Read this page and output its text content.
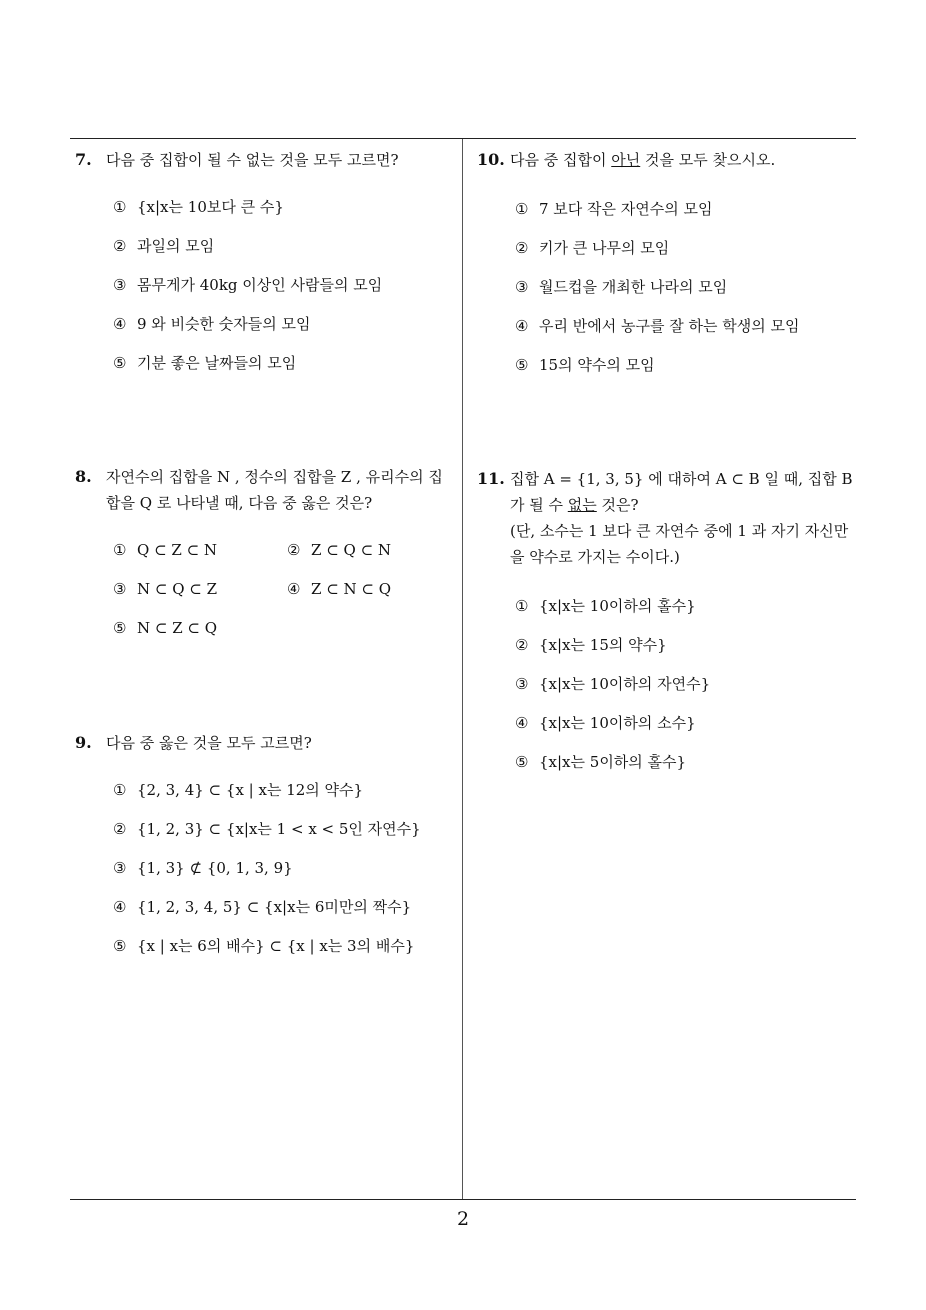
7. 다음 중 집합이 될 수 없는 것을 모두 고르면?
① {x|x는 10보다 큰 수}
② 과일의 모임
③ 몸무게가 40kg 이상인 사람들의 모임
④ 9 와 비슷한 숫자들의 모임
⑤ 기분 좋은 날짜들의 모임
8. 자연수의 집합을 N , 정수의 집합을 Z , 유리수의 집합을 Q 로 나타낼 때, 다음 중 옳은 것은?
① Q ⊂ Z ⊂ N	② Z ⊂ Q ⊂ N
③ N ⊂ Q ⊂ Z	④ Z ⊂ N ⊂ Q
⑤ N ⊂ Z ⊂ Q
9. 다음 중 옳은 것을 모두 고르면?
① {2, 3, 4} ⊂ {x | x는 12의 약수}
② {1, 2, 3} ⊂ {x|x는 1 < x < 5인 자연수}
③ {1, 3} ⊄ {0, 1, 3, 9}
④ {1, 2, 3, 4, 5} ⊂ {x|x는 6미만의 짝수}
⑤ {x | x는 6의 배수} ⊂ {x | x는 3의 배수}
10. 다음 중 집합이 아닌 것을 모두 찾으시오.
① 7 보다 작은 자연수의 모임
② 키가 큰 나무의 모임
③ 월드컵을 개최한 나라의 모임
④ 우리 반에서 농구를 잘 하는 학생의 모임
⑤ 15의 약수의 모임
11. 집합 A = {1, 3, 5} 에 대하여 A ⊂ B 일 때, 집합 B 가 될 수 없는 것은?
(단, 소수는 1 보다 큰 자연수 중에 1 과 자기 자신만을 약수로 가지는 수이다.)
① {x|x는 10이하의 홀수}
② {x|x는 15의 약수}
③ {x|x는 10이하의 자연수}
④ {x|x는 10이하의 소수}
⑤ {x|x는 5이하의 홀수}
2
